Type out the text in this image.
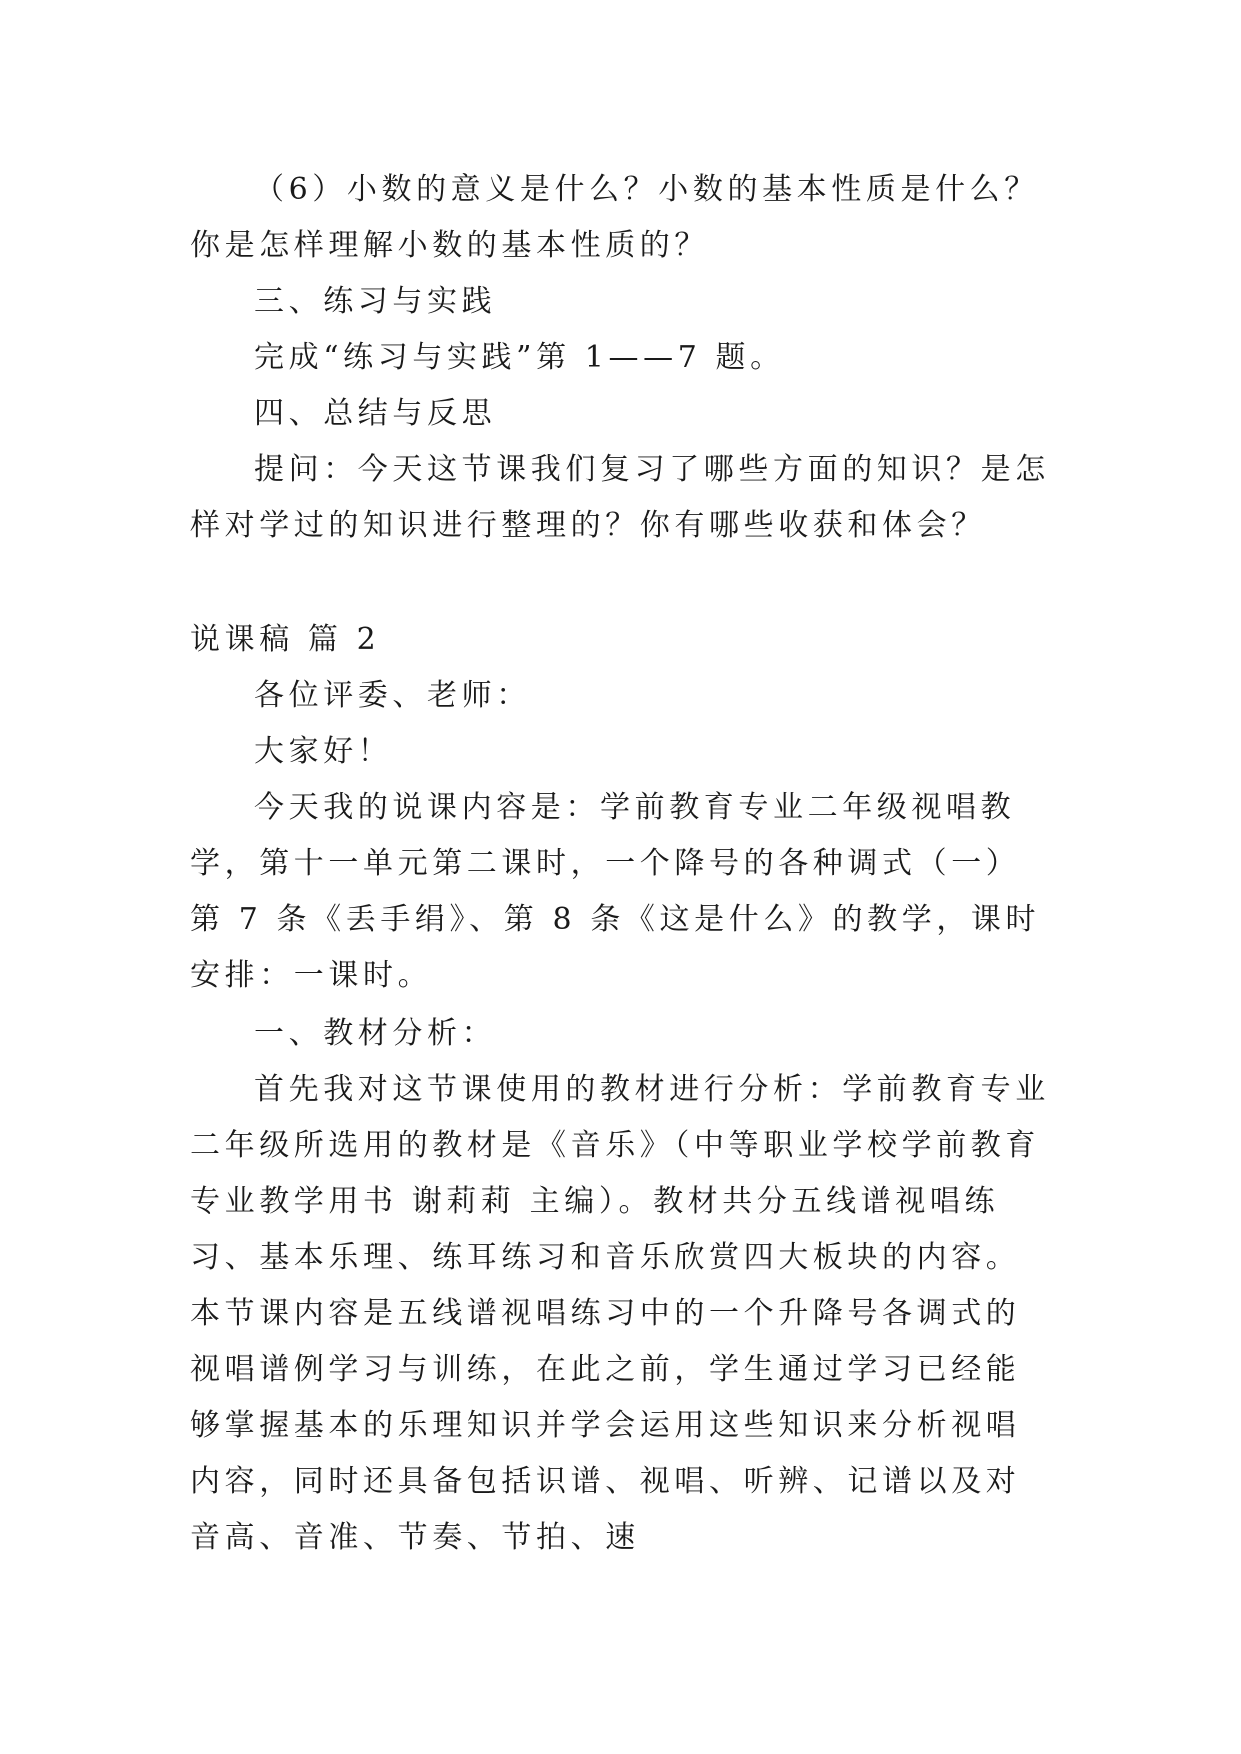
（6）小数的意义是什么？小数的基本性质是什么？你是怎样理解小数的基本性质的？

三、练习与实践

完成“练习与实践”第 1——7 题。

四、总结与反思

提问：今天这节课我们复习了哪些方面的知识？是怎样对学过的知识进行整理的？你有哪些收获和体会？

说课稿 篇 2

各位评委、老师：

大家好！

今天我的说课内容是：学前教育专业二年级视唱教学，第十一单元第二课时，一个降号的各种调式（一）第 7 条《丢手绢》、第 8 条《这是什么》的教学，课时安排：一课时。

一、教材分析：

首先我对这节课使用的教材进行分析：学前教育专业二年级所选用的教材是《音乐》（中等职业学校学前教育专业教学用书 谢莉莉 主编）。教材共分五线谱视唱练习、基本乐理、练耳练习和音乐欣赏四大板块的内容。本节课内容是五线谱视唱练习中的一个升降号各调式的视唱谱例学习与训练，在此之前，学生通过学习已经能够掌握基本的乐理知识并学会运用这些知识来分析视唱内容，同时还具备包括识谱、视唱、听辨、记谱以及对音高、音准、节奏、节拍、速
